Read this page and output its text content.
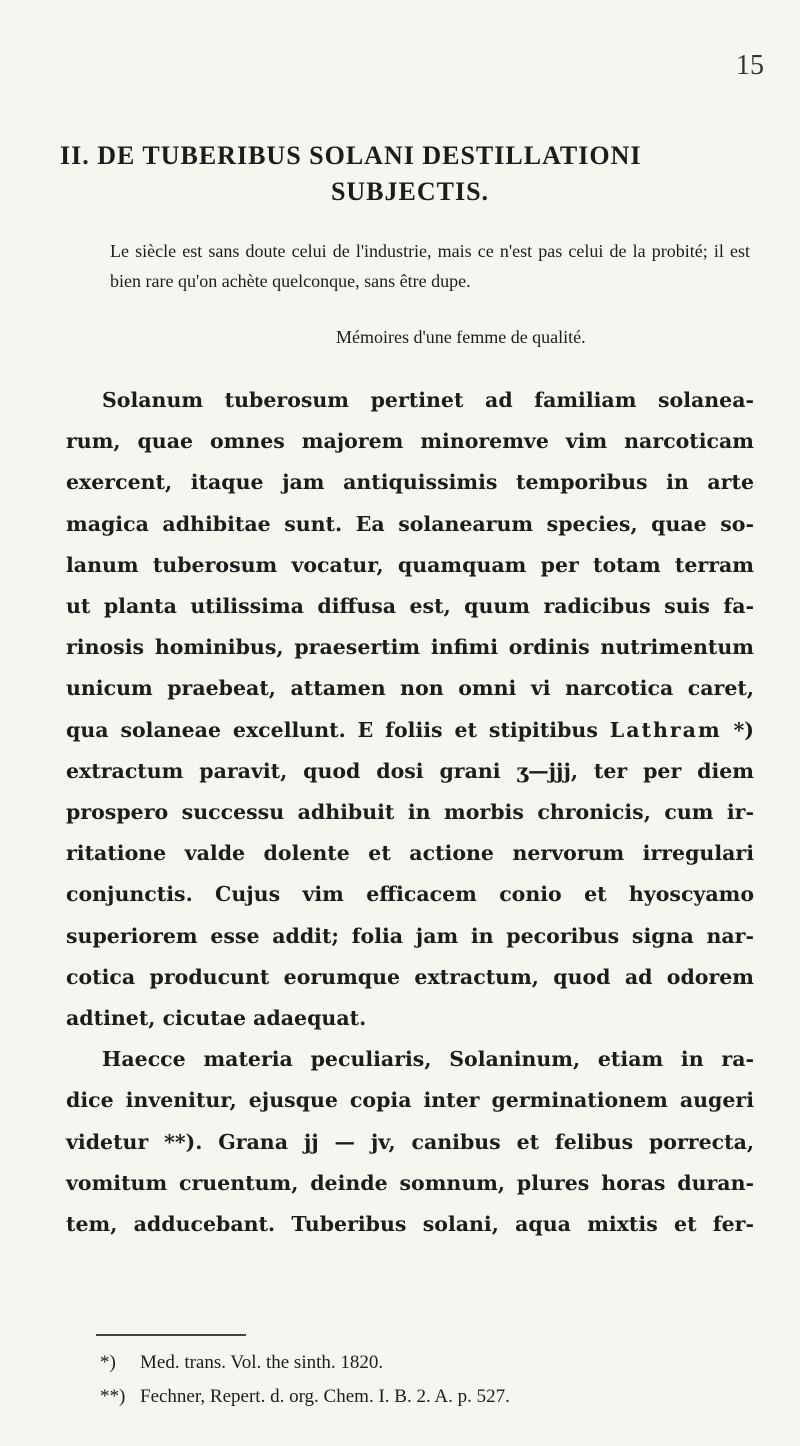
15
II. DE TUBERIBUS SOLANI DESTILLATIONI
SUBJECTIS.
Le siècle est sans doute celui de l'industrie, mais ce n'est pas celui de la probité; il est bien rare qu'on achète quelconque, sans être dupe.
Mémoires d'une femme de qualité.
Solanum tuberosum pertinet ad familiam solanea-
rum, quae omnes majorem minoremve vim narcoticam
exercent, itaque jam antiquissimis temporibus in arte
magica adhibitae sunt. Ea solanearum species, quae so-
lanum tuberosum vocatur, quamquam per totam terram
ut planta utilissima diffusa est, quum radicibus suis fa-
rinosis hominibus, praesertim infimi ordinis nutrimentum
unicum praebeat, attamen non omni vi narcotica caret,
qua solaneae excellunt. E foliis et stipitibus Lathram *)
extractum paravit, quod dosi grani ʒ—jjj, ter per diem
prospero successu adhibuit in morbis chronicis, cum ir-
ritatione valde dolente et actione nervorum irregulari
conjunctis. Cujus vim efficacem conio et hyoscyamo
superiorem esse addit; folia jam in pecoribus signa nar-
cotica producunt eorumque extractum, quod ad odorem
adtinet, cicutae adaequat.
Haecce materia peculiaris, Solaninum, etiam in ra-
dice invenitur, ejusque copia inter germinationem augeri
videtur **). Grana jj — jv, canibus et felibus porrecta,
vomitum cruentum, deinde somnum, plures horas duran-
tem, adducebant. Tuberibus solani, aqua mixtis et fer-
*) Med. trans. Vol. the sinth. 1820.
**) Fechner, Repert. d. org. Chem. I. B. 2. A. p. 527.
